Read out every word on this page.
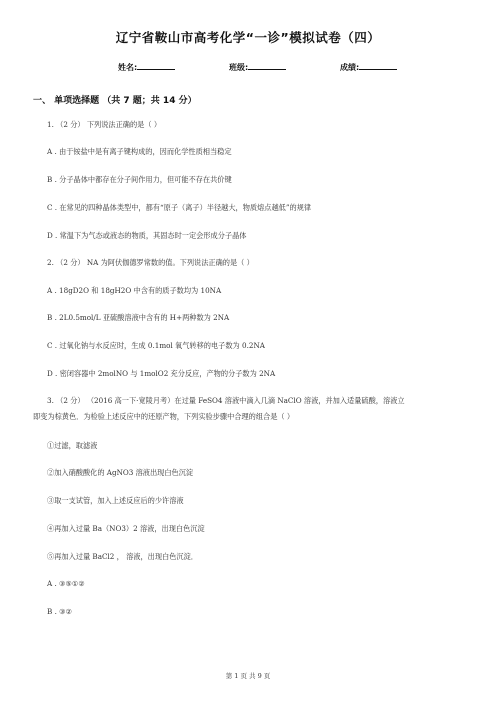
辽宁省鞍山市高考化学“一诊”模拟试卷（四）
姓名:	班级:	成绩:
一、 单项选择题 （共 7 题；共 14 分）
1. （2 分） 下列说法正确的是（ ）
A . 由于铵盐中是有离子键构成的，因而化学性质相当稳定
B . 分子晶体中都存在分子间作用力，但可能不存在共价键
C . 在常见的四种晶体类型中，都有“原子（离子）半径越大，物质熔点越低”的规律
D . 常温下为气态或液态的物质，其固态时一定会形成分子晶体
2. （2 分） NA 为阿伏伽德罗常数的值。下列说法正确的是（ ）
A . 18gD2O 和 18gH2O 中含有的质子数均为 10NA
B . 2L0.5mol/L 亚硫酸溶液中含有的 H+两种数为 2NA
C . 过氧化钠与水反应时，生成 0.1mol 氧气转移的电子数为 0.2NA
D . 密闭容器中 2molNO 与 1molO2 充分反应，产物的分子数为 2NA
3. （2 分） （2016 高一下·宽陵月考）在过量 FeSO4 溶液中滴入几滴 NaClO 溶液，并加入适量硫酸，溶液立
即变为棕黄色．为检验上述反应中的还原产物，下列实验步骤中合理的组合是（ ）
①过滤，取滤液
②加入硝酸酸化的 AgNO3 溶液出现白色沉淀
③取一支试管，加入上述反应后的少许溶液
④再加入过量 Ba（NO3）2 溶液，出现白色沉淀
⑤再加入过量 BaCl2 ， 溶液，出现白色沉淀．
A . ③⑤①②
B . ③②
第 1 页 共 9 页
